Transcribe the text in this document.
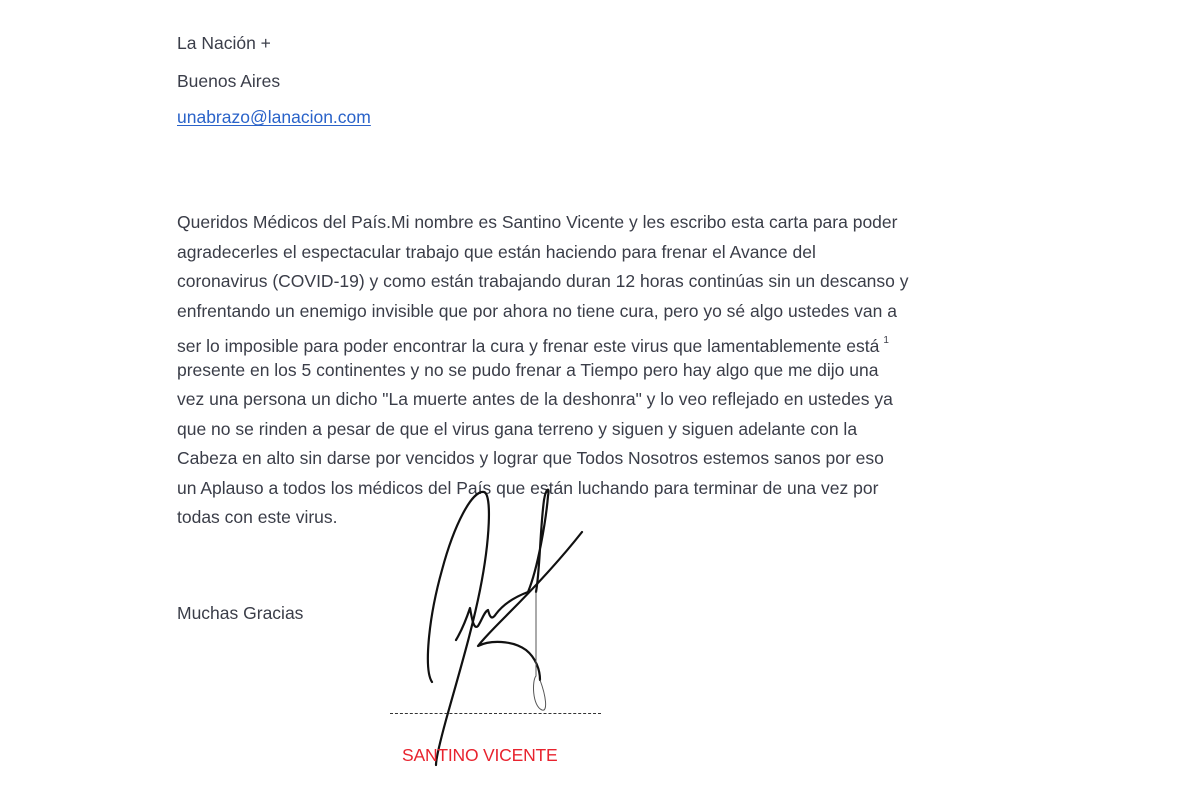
La Nación +

Buenos Aires

unabrazo@lanacion.com
Queridos Médicos del País.Mi nombre es Santino Vicente y les escribo esta carta para poder
agradecerles el espectacular trabajo que están haciendo para frenar el Avance del
coronavirus (COVID-19) y como están trabajando duran 12 horas continúas sin un descanso y
enfrentando un enemigo invisible que por ahora no tiene cura, pero yo sé algo ustedes van a
ser lo imposible para poder encontrar la cura y frenar este virus que lamentablemente está $^1$
presente en los 5 continentes y no se pudo frenar a Tiempo pero hay algo que me dijo una
vez una persona un dicho "La muerte antes de la deshonra" y lo veo reflejado en ustedes ya
que no se rinden a pesar de que el virus gana terreno y siguen y siguen adelante con la
Cabeza en alto sin darse por vencidos y lograr que Todos Nosotros estemos sanos por eso
un Aplauso a todos los médicos del País que están luchando para terminar de una vez por
todas con este virus.

Muchas Gracias

SANTINO VICENTE
